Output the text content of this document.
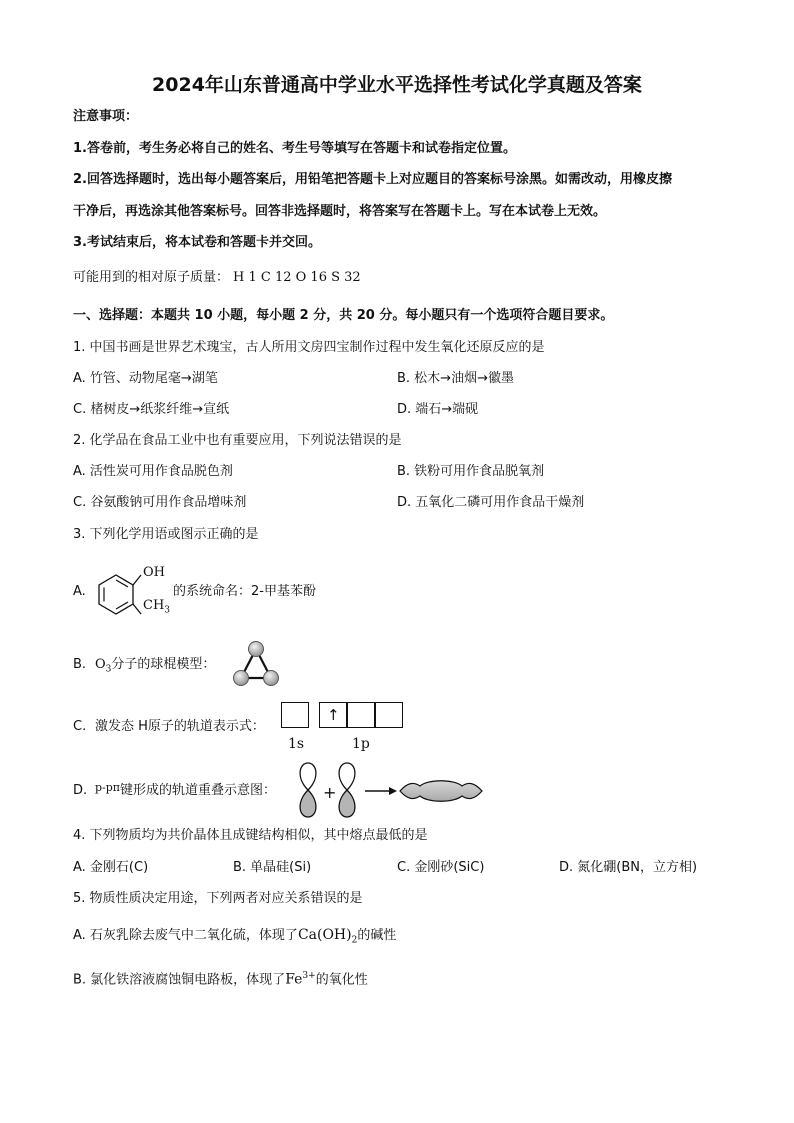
2024年山东普通高中学业水平选择性考试化学真题及答案
注意事项：
1.答卷前，考生务必将自己的姓名、考生号等填写在答题卡和试卷指定位置。
2.回答选择题时，选出每小题答案后，用铅笔把答题卡上对应题目的答案标号涂黑。如需改动，用橡皮擦
干净后，再选涂其他答案标号。回答非选择题时，将答案写在答题卡上。写在本试卷上无效。
3.考试结束后，将本试卷和答题卡并交回。
可能用到的相对原子质量： H 1 C 12 O 16 S 32
一、选择题：本题共 10 小题，每小题 2 分，共 20 分。每小题只有一个选项符合题目要求。
1. 中国书画是世界艺术瑰宝，古人所用文房四宝制作过程中发生氧化还原反应的是
A. 竹管、动物尾毫→湖笔	B. 松木→油烟→徽墨
C. 楮树皮→纸浆纤维→宣纸	D. 端石→端砚
2. 化学品在食品工业中也有重要应用，下列说法错误的是
A. 活性炭可用作食品脱色剂	B. 铁粉可用作食品脱氧剂
C. 谷氨酸钠可用作食品增味剂	D. 五氧化二磷可用作食品干燥剂
3. 下列化学用语或图示正确的是
A.
OH
$CH_3$
的系统命名：2-甲基苯酚
B. $O_3$分子的球棍模型：
C. 激发态 H原子的轨道表示式：
↑
1s	1p
D. $^{p-p\pi}$键形成的轨道重叠示意图：	+
4. 下列物质均为共价晶体且成键结构相似，其中熔点最低的是
A. 金刚石(C)	B. 单晶硅(Si)	C. 金刚砂(SiC)	D. 氮化硼(BN，立方相)
5. 物质性质决定用途，下列两者对应关系错误的是
A. 石灰乳除去废气中二氧化硫，体现了$Ca(OH)_2$的碱性
B. 氯化铁溶液腐蚀铜电路板，体现了$Fe^{3+}$的氧化性
